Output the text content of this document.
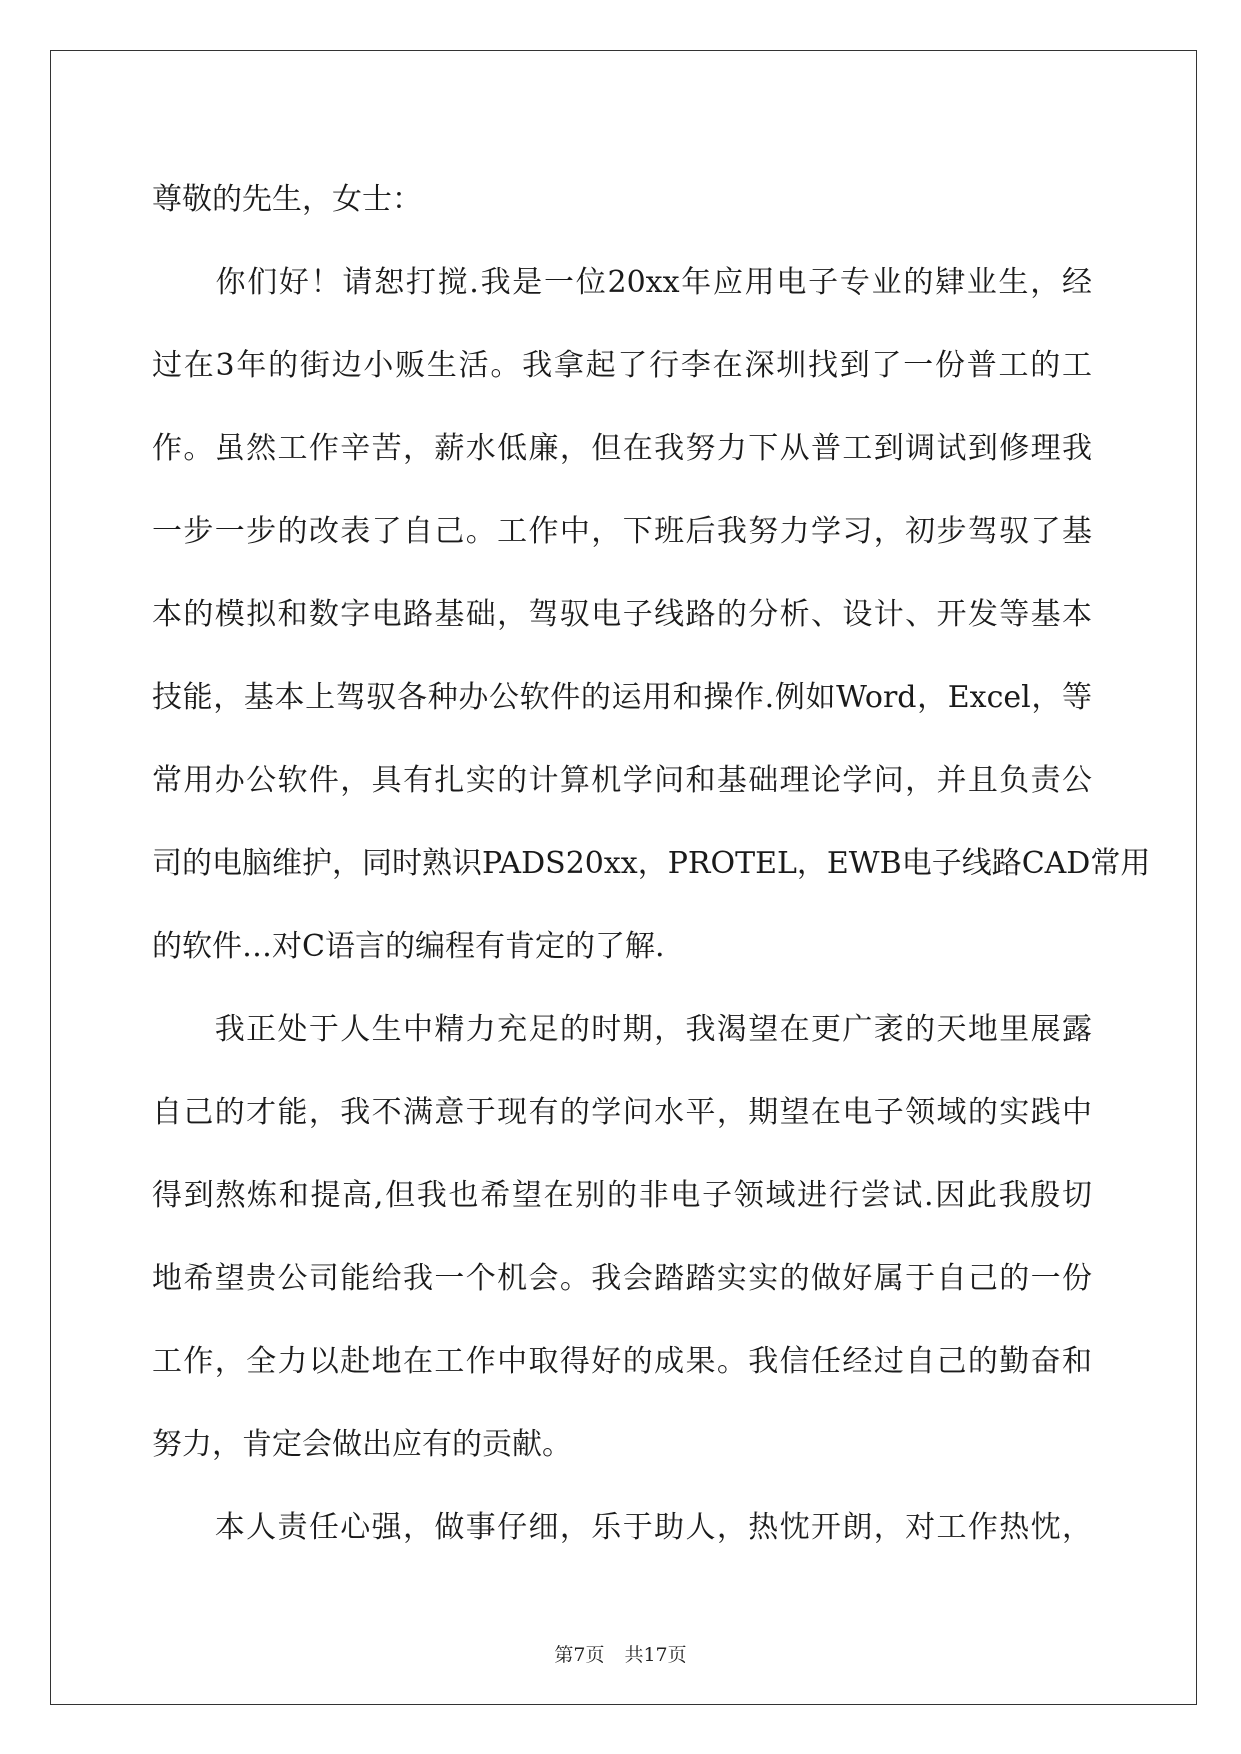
尊敬的先生，女士：
　　你们好！请恕打搅.我是一位20xx年应用电子专业的肄业生，经
过在3年的街边小贩生活。我拿起了行李在深圳找到了一份普工的工
作。虽然工作辛苦，薪水低廉，但在我努力下从普工到调试到修理我
一步一步的改表了自己。工作中，下班后我努力学习，初步驾驭了基
本的模拟和数字电路基础，驾驭电子线路的分析、设计、开发等基本
技能，基本上驾驭各种办公软件的运用和操作.例如Word，Excel，等
常用办公软件，具有扎实的计算机学问和基础理论学问，并且负责公
司的电脑维护，同时熟识PADS20xx，PROTEL，EWB电子线路CAD常用
的软件…对C语言的编程有肯定的了解.
　　我正处于人生中精力充足的时期，我渴望在更广袤的天地里展露
自己的才能，我不满意于现有的学问水平，期望在电子领域的实践中
得到熬炼和提高,但我也希望在别的非电子领域进行尝试.因此我殷切
地希望贵公司能给我一个机会。我会踏踏实实的做好属于自己的一份
工作，全力以赴地在工作中取得好的成果。我信任经过自己的勤奋和
努力，肯定会做出应有的贡献。
　　本人责任心强，做事仔细，乐于助人，热忱开朗，对工作热忱，
第7页 共17页
